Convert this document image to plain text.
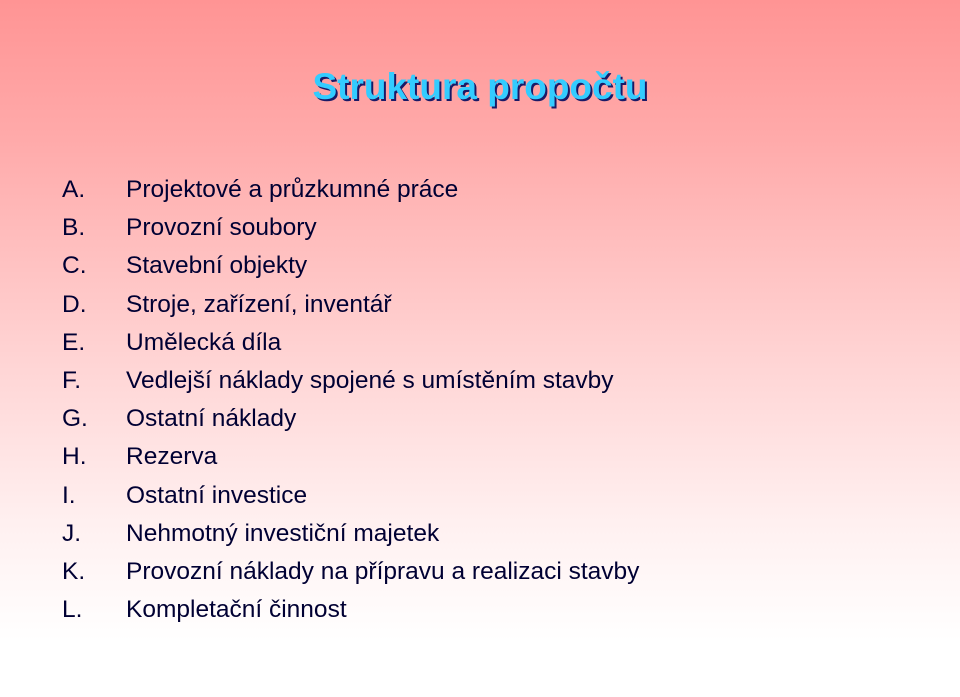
Struktura propočtu
A.	Projektové a průzkumné práce
B.	Provozní soubory
C.	Stavební objekty
D.	Stroje, zařízení, inventář
E.	Umělecká díla
F.	Vedlejší náklady spojené s umístěním stavby
G.	Ostatní náklady
H.	Rezerva
I.	Ostatní investice
J.	Nehmotný investiční majetek
K.	Provozní náklady na přípravu a realizaci stavby
L.	Kompletační činnost
